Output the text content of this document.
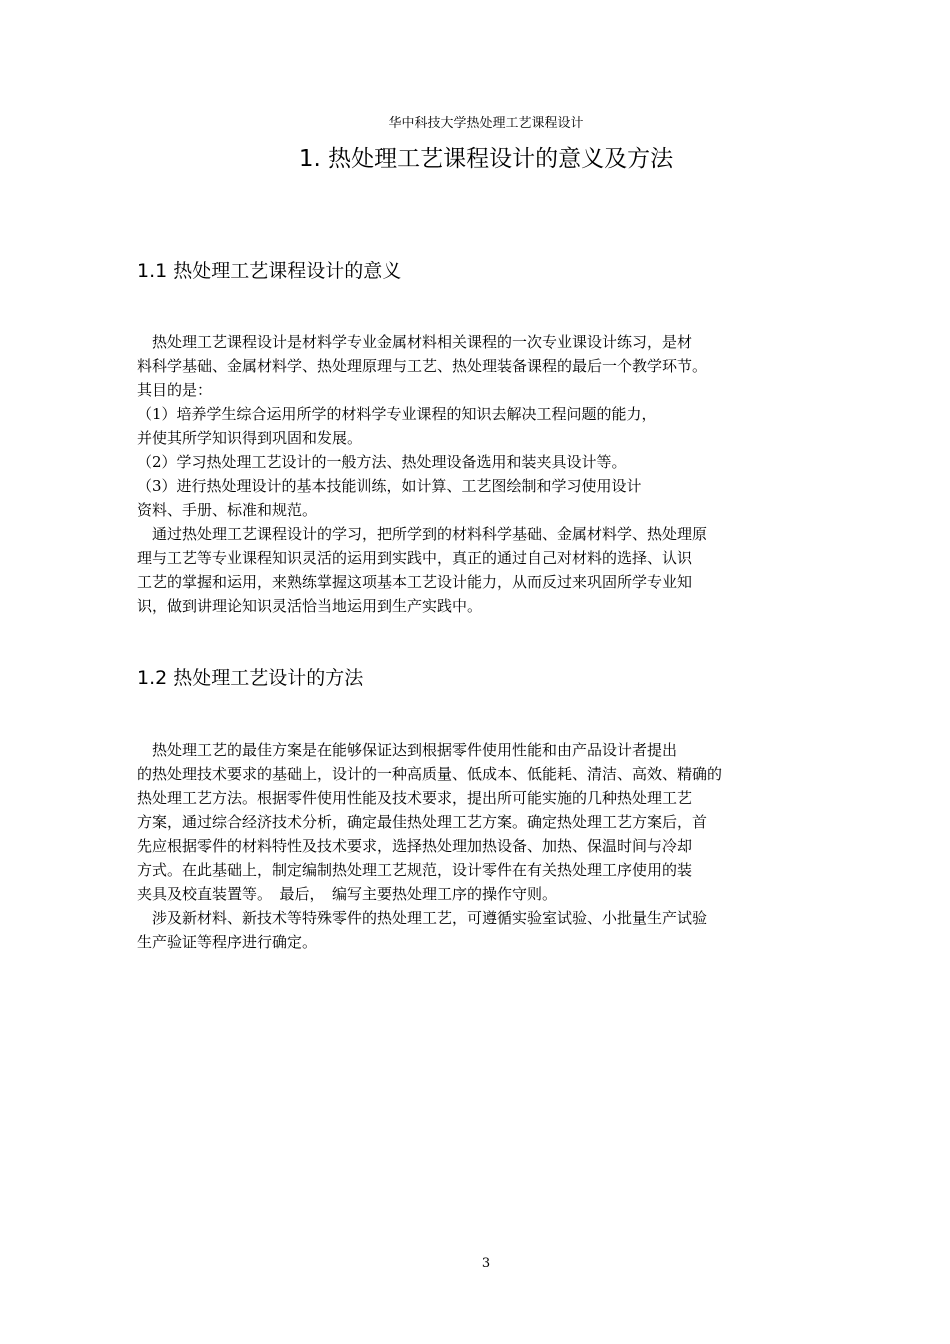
华中科技大学热处理工艺课程设计
1. 热处理工艺课程设计的意义及方法
1.1 热处理工艺课程设计的意义
　热处理工艺课程设计是材料学专业金属材料相关课程的一次专业课设计练习，是材
料科学基础、金属材料学、热处理原理与工艺、热处理装备课程的最后一个教学环节。
其目的是：
（1）培养学生综合运用所学的材料学专业课程的知识去解决工程问题的能力，
并使其所学知识得到巩固和发展。
（2）学习热处理工艺设计的一般方法、热处理设备选用和装夹具设计等。
（3）进行热处理设计的基本技能训练，如计算、工艺图绘制和学习使用设计
资料、手册、标准和规范。
　通过热处理工艺课程设计的学习，把所学到的材料科学基础、金属材料学、热处理原
理与工艺等专业课程知识灵活的运用到实践中，真正的通过自己对材料的选择、认识
工艺的掌握和运用，来熟练掌握这项基本工艺设计能力，从而反过来巩固所学专业知
识，做到讲理论知识灵活恰当地运用到生产实践中。
1.2 热处理工艺设计的方法
　热处理工艺的最佳方案是在能够保证达到根据零件使用性能和由产品设计者提出
的热处理技术要求的基础上，设计的一种高质量、低成本、低能耗、清洁、高效、精确的
热处理工艺方法。根据零件使用性能及技术要求，提出所可能实施的几种热处理工艺
方案，通过综合经济技术分析，确定最佳热处理工艺方案。确定热处理工艺方案后，首
先应根据零件的材料特性及技术要求，选择热处理加热设备、加热、保温时间与冷却
方式。在此基础上，制定编制热处理工艺规范，设计零件在有关热处理工序使用的装
夹具及校直装置等。　最后，　编写主要热处理工序的操作守则。
　涉及新材料、新技术等特殊零件的热处理工艺，可遵循实验室试验、小批量生产试验
生产验证等程序进行确定。
3
